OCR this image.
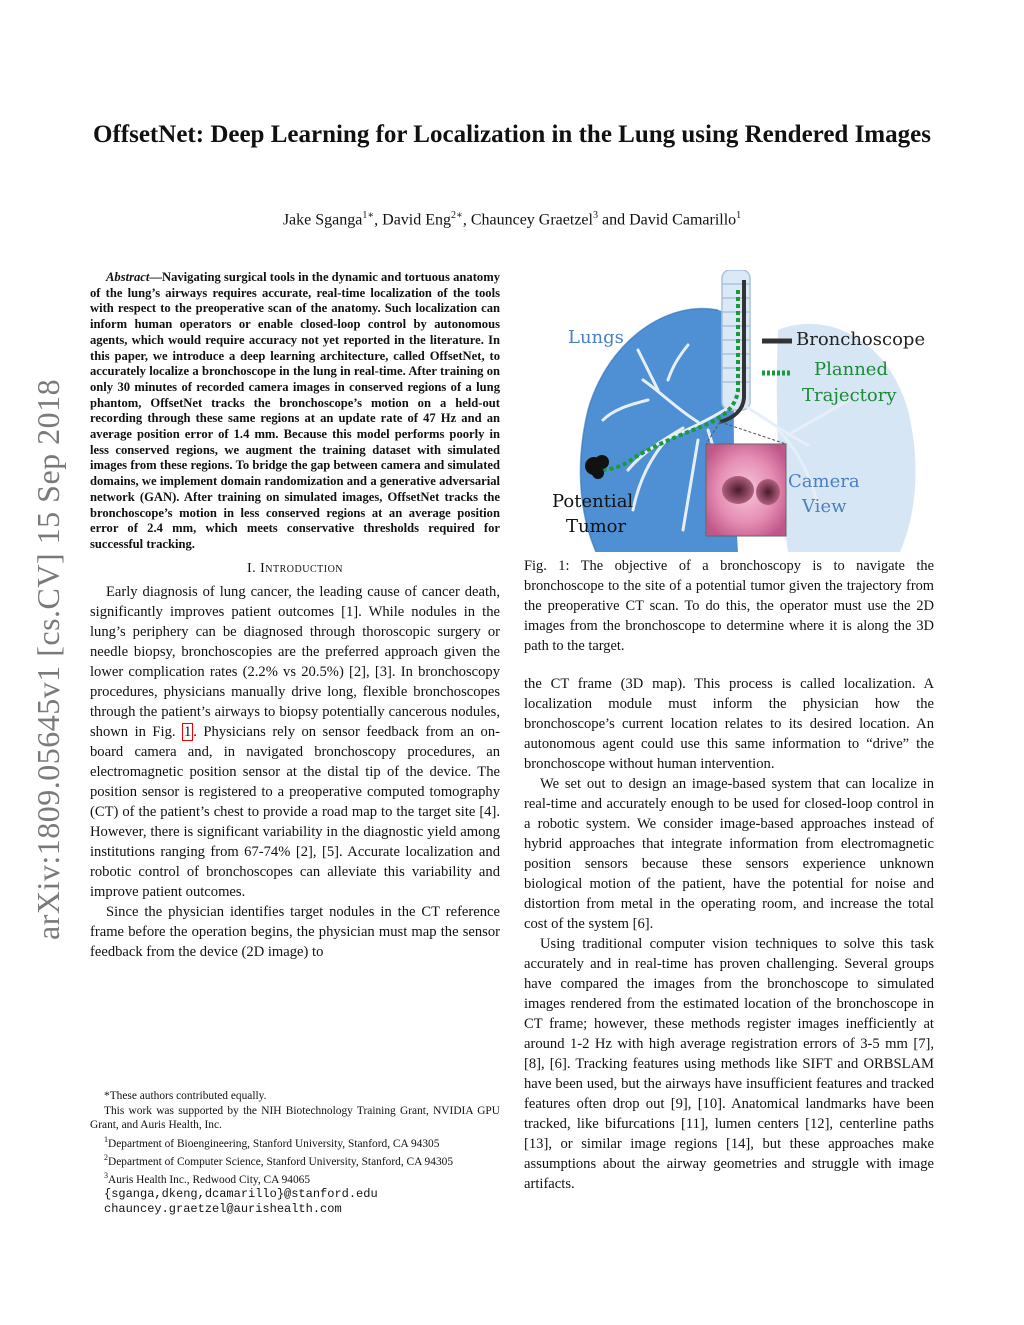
arXiv:1809.05645v1 [cs.CV] 15 Sep 2018
OffsetNet: Deep Learning for Localization in the Lung using Rendered Images
Jake Sganga$^{1∗}$, David Eng$^{2∗}$, Chauncey Graetzel$^3$ and David Camarillo$^1$

Abstract—Navigating surgical tools in the dynamic and tortuous anatomy of the lung’s airways requires accurate, real-time localization of the tools with respect to the preoperative scan of the anatomy. Such localization can inform human operators or enable closed-loop control by autonomous agents, which would require accuracy not yet reported in the literature. In this paper, we introduce a deep learning architecture, called OffsetNet, to accurately localize a bronchoscope in the lung in real-time. After training on only 30 minutes of recorded camera images in conserved regions of a lung phantom, OffsetNet tracks the bronchoscope’s motion on a held-out recording through these same regions at an update rate of 47 Hz and an average position error of 1.4 mm. Because this model performs poorly in less conserved regions, we augment the training dataset with simulated images from these regions. To bridge the gap between camera and simulated domains, we implement domain randomization and a generative adversarial network (GAN). After training on simulated images, OffsetNet tracks the bronchoscope’s motion in less conserved regions at an average position error of 2.4 mm, which meets conservative thresholds required for successful tracking.

I. Introduction

Early diagnosis of lung cancer, the leading cause of cancer death, significantly improves patient outcomes [1]. While nodules in the lung’s periphery can be diagnosed through thoroscopic surgery or needle biopsy, bronchoscopies are the preferred approach given the lower complication rates (2.2% vs 20.5%) [2], [3]. In bronchoscopy procedures, physicians manually drive long, flexible bronchoscopes through the patient’s airways to biopsy potentially cancerous nodules, shown in Fig. 1 . Physicians rely on sensor feedback from an on-board camera and, in navigated bronchoscopy procedures, an electromagnetic position sensor at the distal tip of the device. The position sensor is registered to a preoperative computed tomography (CT) of the patient’s chest to provide a road map to the target site [4]. However, there is significant variability in the diagnostic yield among institutions ranging from 67-74% [2], [5]. Accurate localization and robotic control of bronchoscopes can alleviate this variability and improve patient outcomes.

Since the physician identifies target nodules in the CT reference frame before the operation begins, the physician must map the sensor feedback from the device (2D image) to

*These authors contributed equally.

This work was supported by the NIH Biotechnology Training Grant, NVIDIA GPU Grant, and Auris Health, Inc.

$^1$Department of Bioengineering, Stanford University, Stanford, CA 94305

$^2$Department of Computer Science, Stanford University, Stanford, CA 94305

$^3$Auris Health Inc., Redwood City, CA 94065

{sganga,dkeng,dcamarillo}@stanford.edu

chauncey.graetzel@aurishealth.com

Lungs	Bronchoscope
Planned
Trajectory
Camera
View
Potential
Tumor

Fig. 1: The objective of a bronchoscopy is to navigate the bronchoscope to the site of a potential tumor given the trajectory from the preoperative CT scan. To do this, the operator must use the 2D images from the bronchoscope to determine where it is along the 3D path to the target.

the CT frame (3D map). This process is called localization. A localization module must inform the physician how the bronchoscope’s current location relates to its desired location. An autonomous agent could use this same information to “drive” the bronchoscope without human intervention.

We set out to design an image-based system that can localize in real-time and accurately enough to be used for closed-loop control in a robotic system. We consider image-based approaches instead of hybrid approaches that integrate information from electromagnetic position sensors because these sensors experience unknown biological motion of the patient, have the potential for noise and distortion from metal in the operating room, and increase the total cost of the system [6].

Using traditional computer vision techniques to solve this task accurately and in real-time has proven challenging. Several groups have compared the images from the bronchoscope to simulated images rendered from the estimated location of the bronchoscope in CT frame; however, these methods register images inefficiently at around 1-2 Hz with high average registration errors of 3-5 mm [7], [8], [6]. Tracking features using methods like SIFT and ORBSLAM have been used, but the airways have insufficient features and tracked features often drop out [9], [10]. Anatomical landmarks have been tracked, like bifurcations [11], lumen centers [12], centerline paths [13], or similar image regions [14], but these approaches make assumptions about the airway geometries and struggle with image artifacts.
